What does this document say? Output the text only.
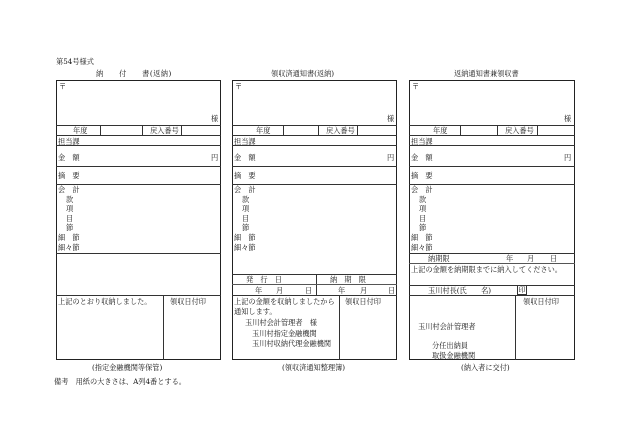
第54号様式
備考　用紙の大きさは、A列4番とする。
納　　付　　書(返納)
〒
様
年度	戻入番号
担当課
金　額	円
摘　要
会　計
款
項
目
節
細　節
細々節
上記のとおり収納しました。	領収日付印
(指定金融機関等保管)
領収済通知書(返納)
〒
様
年度	戻入番号
担当課
金　額	円
摘　要
会　計
款
項
目
節
細　節
細々節
発　行　日	納　期　限
年 月	日	年 月	日
上記の金額を収納しましたから通知します。
玉川村会計管理者　様
玉川村指定金融機関
玉川村収納代理金融機関
領収日付印
(領収済通知整理簿)
返納通知書兼領収書
〒
様
年度	戻入番号
担当課
金　額	円
摘　要
会　計
款
項
目
節
細　節
細々節
納期限	年 月 日
上記の金額を納期限までに納入してください。
玉川村長(氏　　名)	印
玉川村会計管理者
分任出納員
取扱金融機関
領収日付印
(納入者に交付)
